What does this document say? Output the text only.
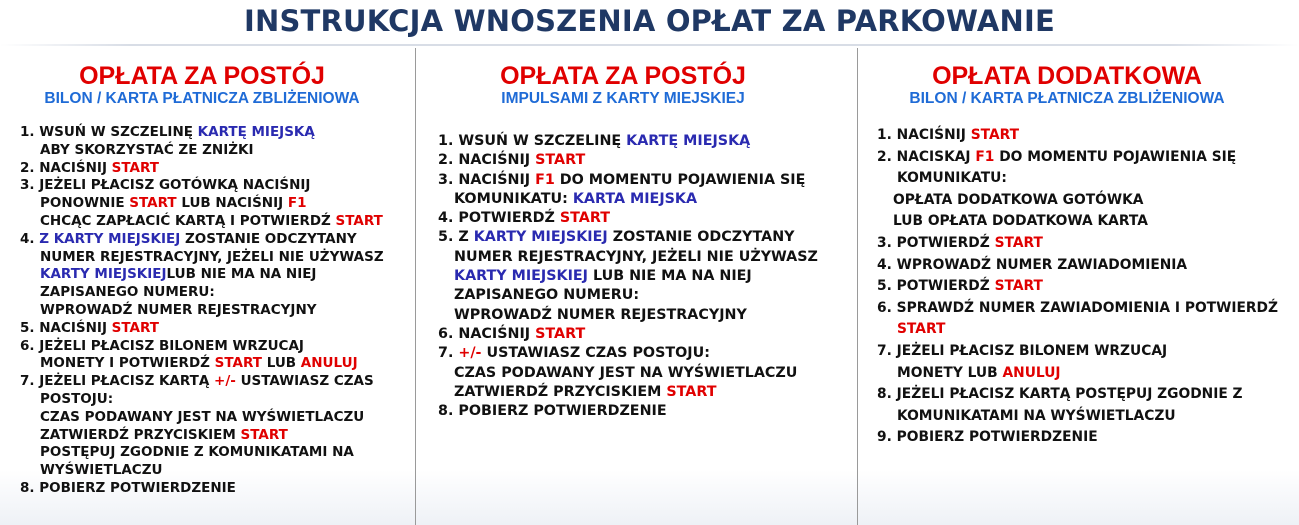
INSTRUKCJA WNOSZENIA OPŁAT ZA PARKOWANIE
OPŁATA ZA POSTÓJ
BILON / KARTA PŁATNICZA ZBLIŻENIOWA
1. WSUŃ W SZCZELINĘ KARTĘ MIEJSKĄ
ABY SKORZYSTAĆ ZE ZNIŻKI
2. NACIŚNIJ START
3. JEŻELI PŁACISZ GOTÓWKĄ NACIŚNIJ
PONOWNIE START LUB NACIŚNIJ F1
CHCĄC ZAPŁACIĆ KARTĄ I POTWIERDŹ START
4. Z KARTY MIEJSKIEJ ZOSTANIE ODCZYTANY
NUMER REJESTRACYJNY, JEŻELI NIE UŻYWASZ
KARTY MIEJSKIEJLUB NIE MA NA NIEJ
ZAPISANEGO NUMERU:
WPROWADŹ NUMER REJESTRACYJNY
5. NACIŚNIJ START
6. JEŻELI PŁACISZ BILONEM WRZUCAJ
MONETY I POTWIERDŹ START LUB ANULUJ
7. JEŻELI PŁACISZ KARTĄ +/- USTAWIASZ CZAS
POSTOJU:
CZAS PODAWANY JEST NA WYŚWIETLACZU
ZATWIERDŹ PRZYCISKIEM START
POSTĘPUJ ZGODNIE Z KOMUNIKATAMI NA
WYŚWIETLACZU
8. POBIERZ POTWIERDZENIE
OPŁATA ZA POSTÓJ
IMPULSAMI Z KARTY MIEJSKIEJ
1. WSUŃ W SZCZELINĘ KARTĘ MIEJSKĄ
2. NACIŚNIJ START
3. NACIŚNIJ F1 DO MOMENTU POJAWIENIA SIĘ
KOMUNIKATU: KARTA MIEJSKA
4. POTWIERDŹ START
5. Z KARTY MIEJSKIEJ ZOSTANIE ODCZYTANY
NUMER REJESTRACYJNY, JEŻELI NIE UŻYWASZ
KARTY MIEJSKIEJ LUB NIE MA NA NIEJ
ZAPISANEGO NUMERU:
WPROWADŹ NUMER REJESTRACYJNY
6. NACIŚNIJ START
7. +/- USTAWIASZ CZAS POSTOJU:
CZAS PODAWANY JEST NA WYŚWIETLACZU
ZATWIERDŹ PRZYCISKIEM START
8. POBIERZ POTWIERDZENIE
OPŁATA DODATKOWA
BILON / KARTA PŁATNICZA ZBLIŻENIOWA
1. NACIŚNIJ START
2. NACISKAJ F1 DO MOMENTU POJAWIENIA SIĘ
KOMUNIKATU:
OPŁATA DODATKOWA GOTÓWKA
LUB OPŁATA DODATKOWA KARTA
3. POTWIERDŹ START
4. WPROWADŹ NUMER ZAWIADOMIENIA
5. POTWIERDŹ START
6. SPRAWDŹ NUMER ZAWIADOMIENIA I POTWIERDŹ
START
7. JEŻELI PŁACISZ BILONEM WRZUCAJ
MONETY LUB ANULUJ
8. JEŻELI PŁACISZ KARTĄ POSTĘPUJ ZGODNIE Z
KOMUNIKATAMI NA WYŚWIETLACZU
9. POBIERZ POTWIERDZENIE
